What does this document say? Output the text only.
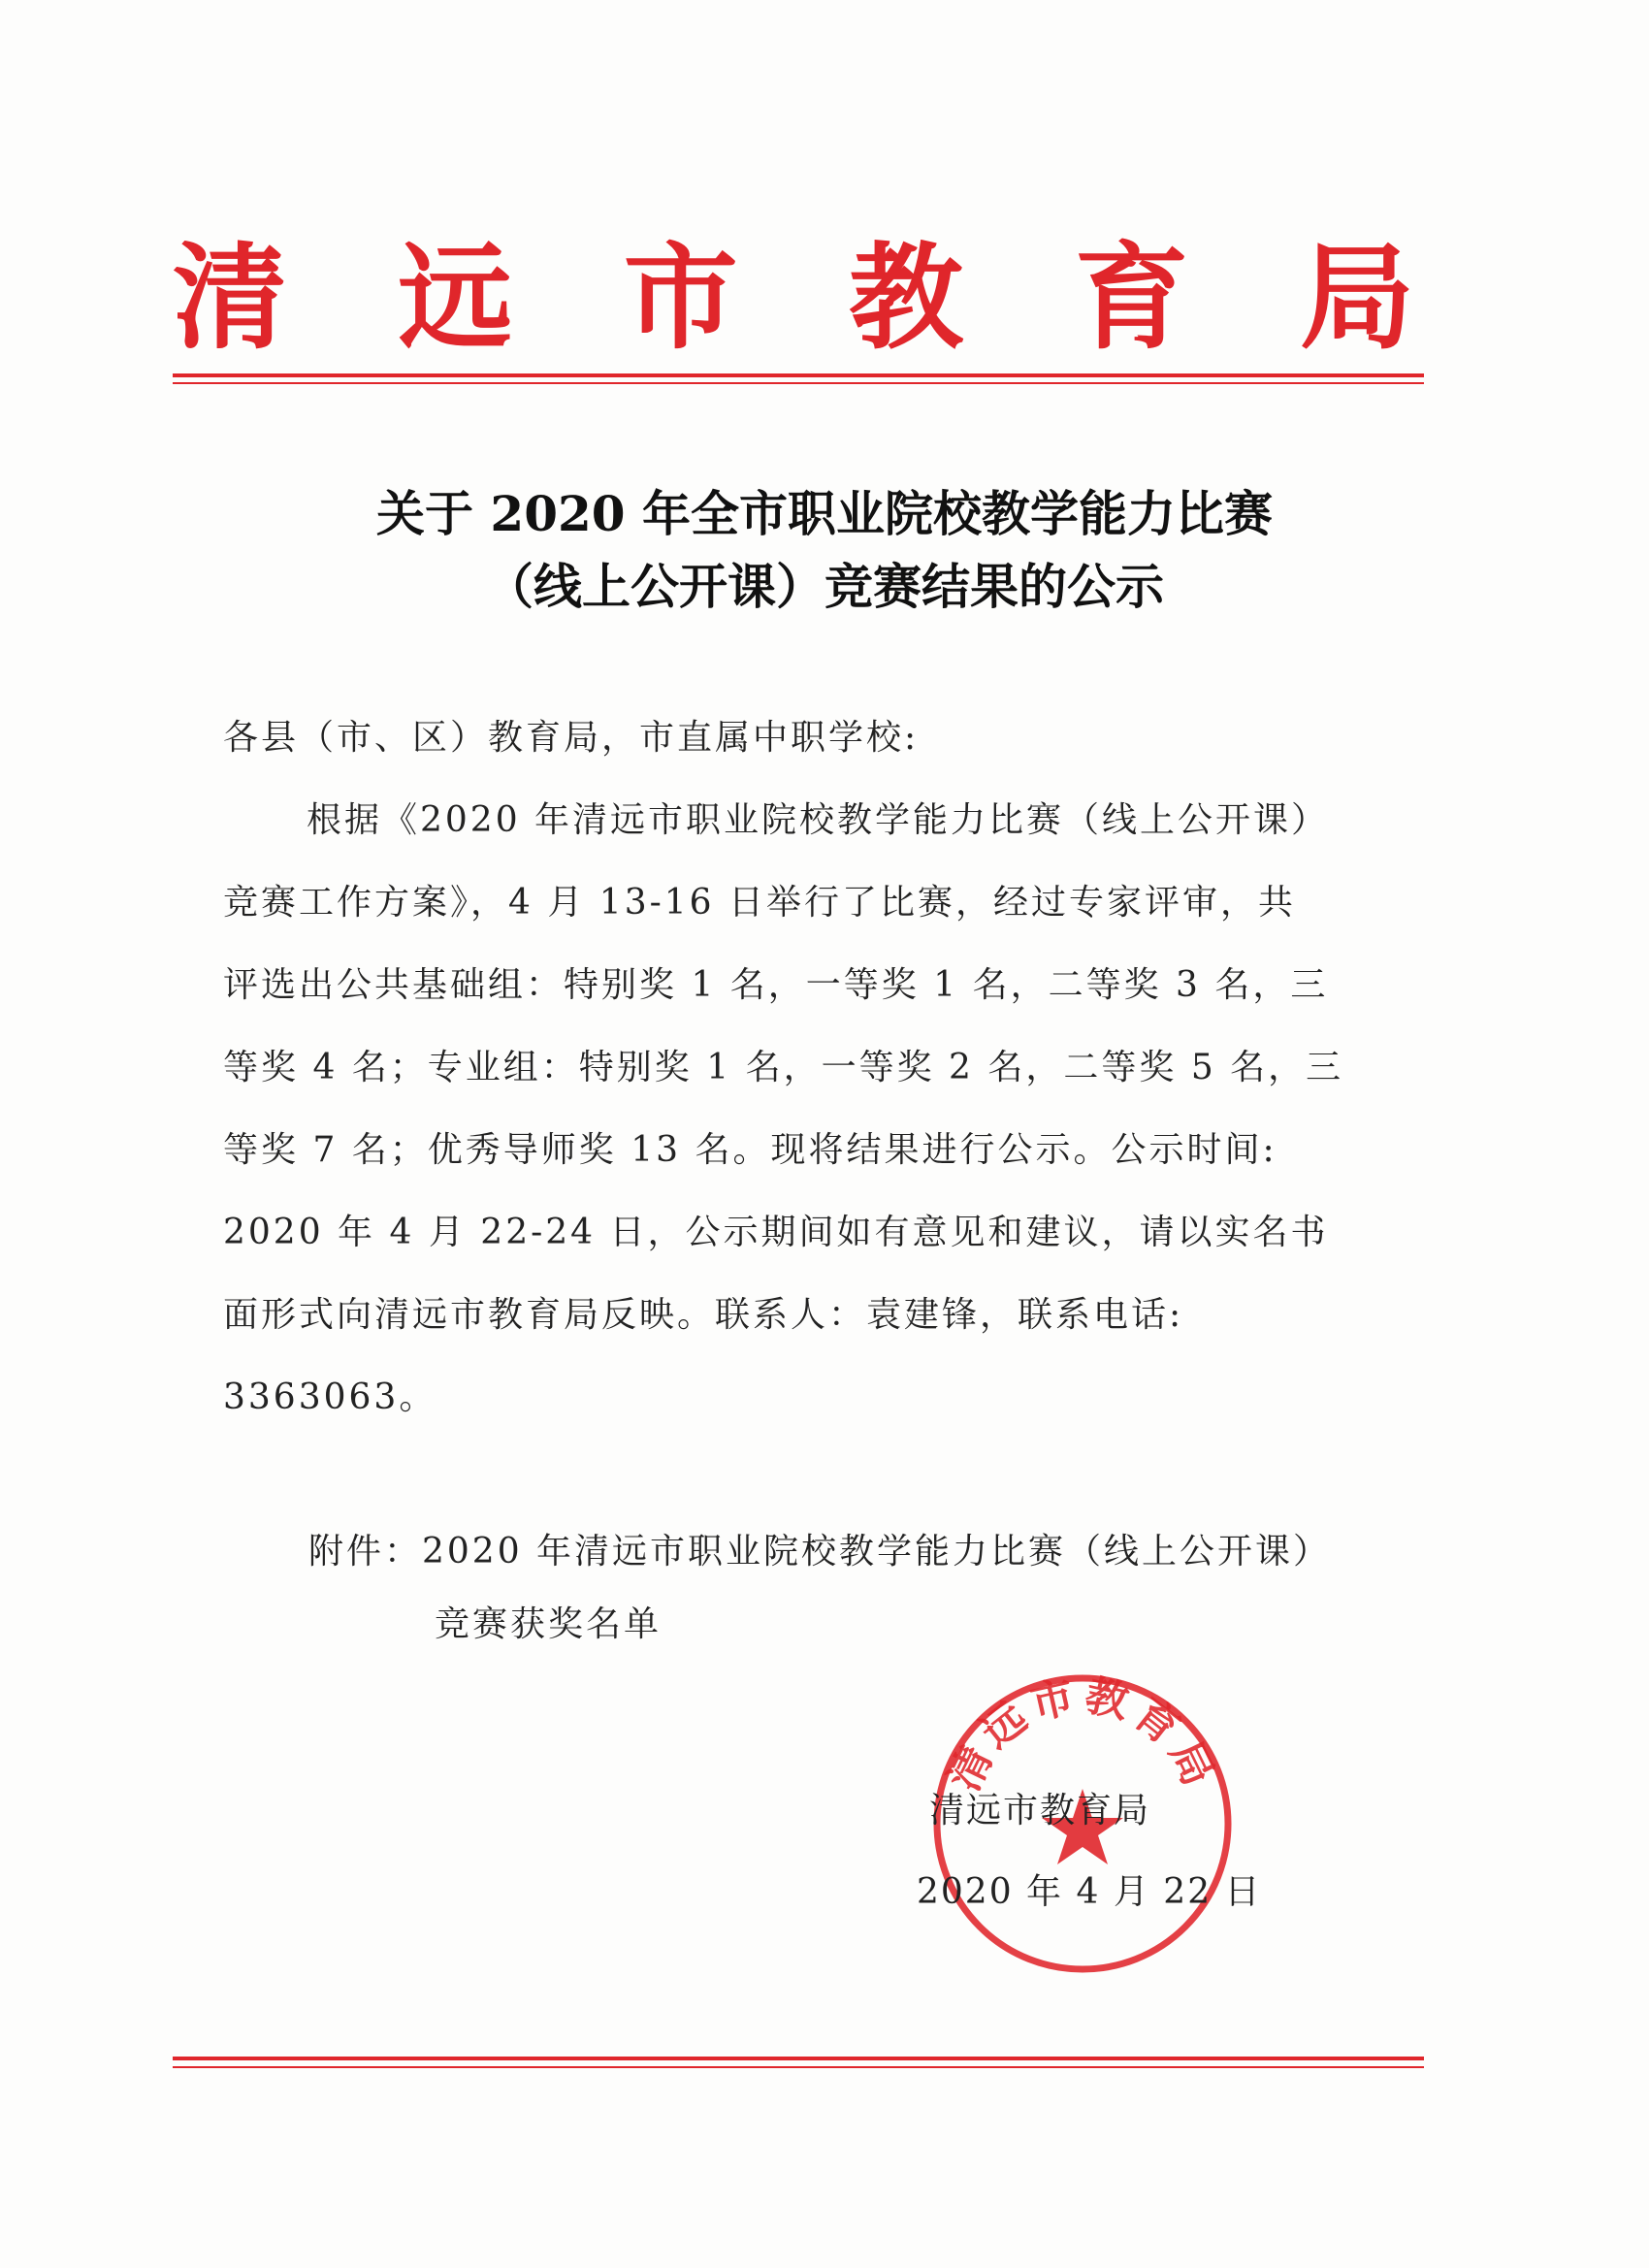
清 远 市 教 育 局
关于 2020 年全市职业院校教学能力比赛
（线上公开课）竞赛结果的公示
各县（市、区）教育局，市直属中职学校:
根据《2020 年清远市职业院校教学能力比赛（线上公开课）
竞赛工作方案》，4 月 13-16 日举行了比赛，经过专家评审，共
评选出公共基础组：特别奖 1 名，一等奖 1 名，二等奖 3 名，三
等奖 4 名；专业组：特别奖 1 名，一等奖 2 名，二等奖 5 名，三
等奖 7 名；优秀导师奖 13 名。现将结果进行公示。公示时间:
2020 年 4 月 22-24 日，公示期间如有意见和建议，请以实名书
面形式向清远市教育局反映。联系人：袁建锋，联系电话:
3363063。
附件：2020 年清远市职业院校教学能力比赛（线上公开课）
竞赛获奖名单
清远市教育局
清远市教育局
2020 年 4 月 22 日
